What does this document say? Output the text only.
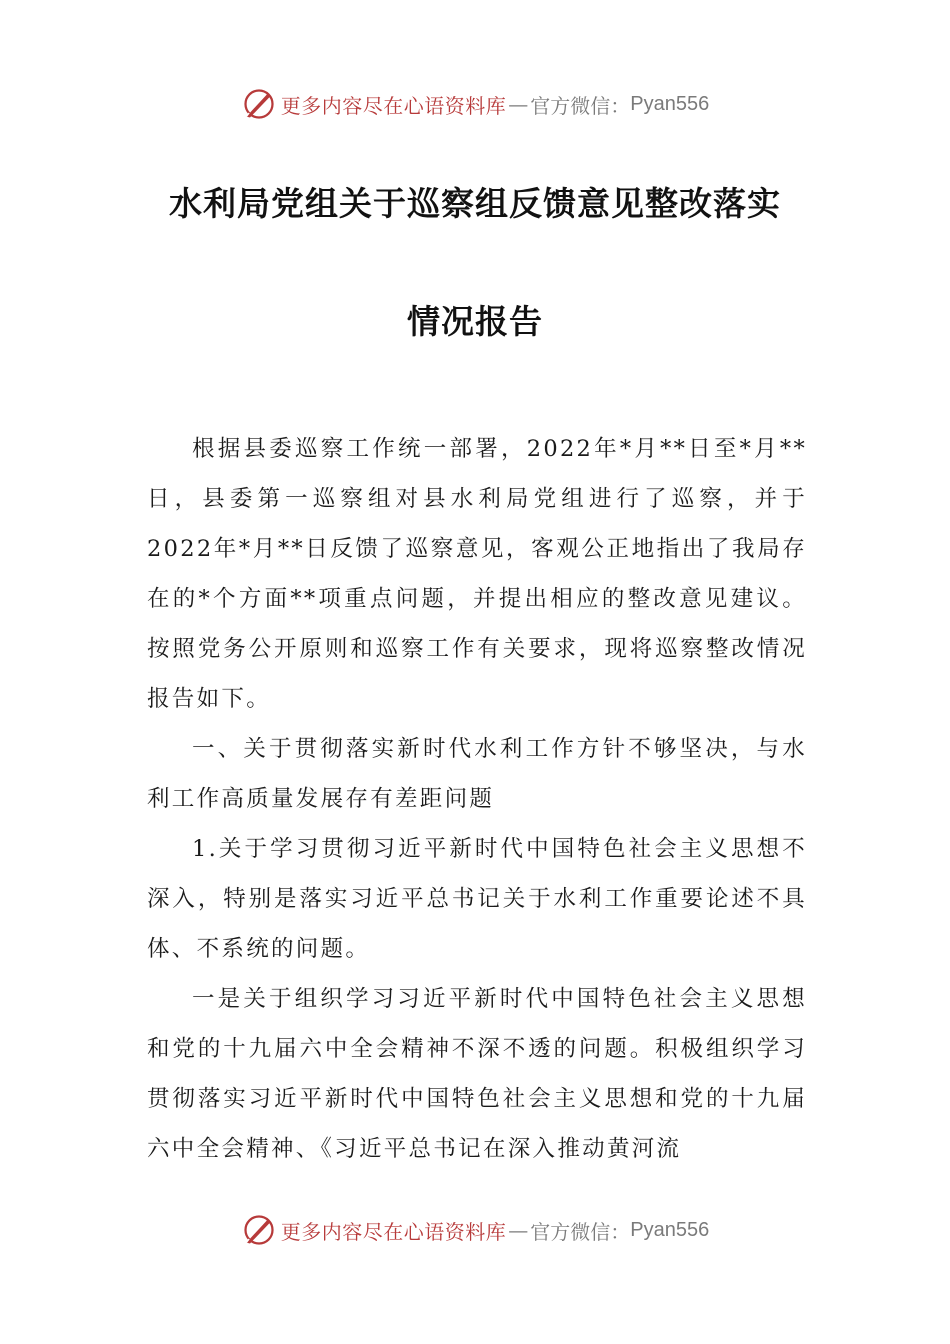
更多内容尽在心语资料库 — 官方微信： Pyan556
水利局党组关于巡察组反馈意见整改落实
情况报告

根据县委巡察工作统一部署，2022年*月**日至*月**日，县委第一巡察组对县水利局党组进行了巡察，并于2022年*月**日反馈了巡察意见，客观公正地指出了我局存在的*个方面**项重点问题，并提出相应的整改意见建议。按照党务公开原则和巡察工作有关要求，现将巡察整改情况报告如下。

一、关于贯彻落实新时代水利工作方针不够坚决，与水利工作高质量发展存有差距问题

1.关于学习贯彻习近平新时代中国特色社会主义思想不深入，特别是落实习近平总书记关于水利工作重要论述不具体、不系统的问题。

一是关于组织学习习近平新时代中国特色社会主义思想和党的十九届六中全会精神不深不透的问题。积极组织学习贯彻落实习近平新时代中国特色社会主义思想和党的十九届六中全会精神、《习近平总书记在深入推动黄河流

更多内容尽在心语资料库 — 官方微信： Pyan556
